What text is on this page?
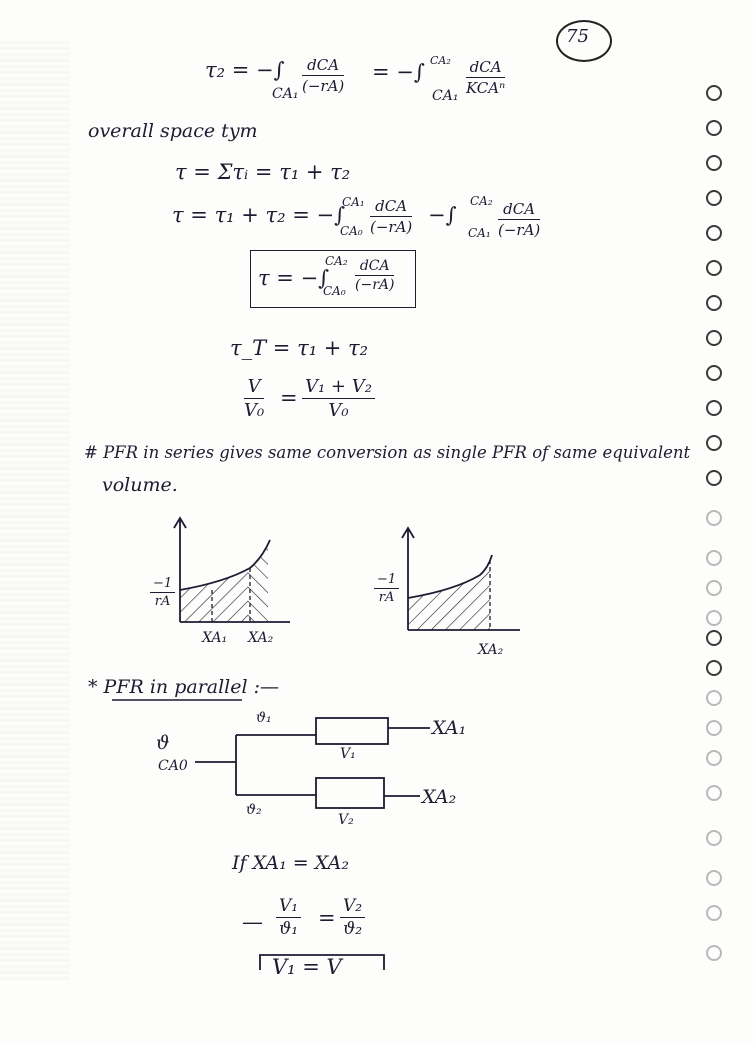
75
τ₂ = −∫
CA₁
dCA
(−rA)
= −∫ CA₂
CA₁
dCA
KCAⁿ
overall space tym
τ = Στᵢ = τ₁ + τ₂
τ = τ₁ + τ₂ = −∫
CA₁
CA₀
dCA
(−rA) −∫
CA₂
CA₁
dCA
(−rA)
τ = −∫
CA₂
CA₀
dCA
(−rA)
τ_T = τ₁ + τ₂
$\frac{V}{\text{V₀}} = \frac{\text{V₁ + V₂}}{\text{V₀}}$
# PFR in series gives same conversion as single PFR of same equivalent
volume.
$\frac{-1}{rA}$
XA₁ XA₂
$\frac{-1}{rA}$
XA₂
* PFR in parallel :—
ϑ
CA0
ϑ₁
V₁
XA₁
ϑ₂
V₂
XA₂
If XA₁ = XA₂
— $\frac{\text{V₁}}{\text{ϑ₁}} = \frac{\text{V₂}}{\text{ϑ₂}}$
V₁ = V
